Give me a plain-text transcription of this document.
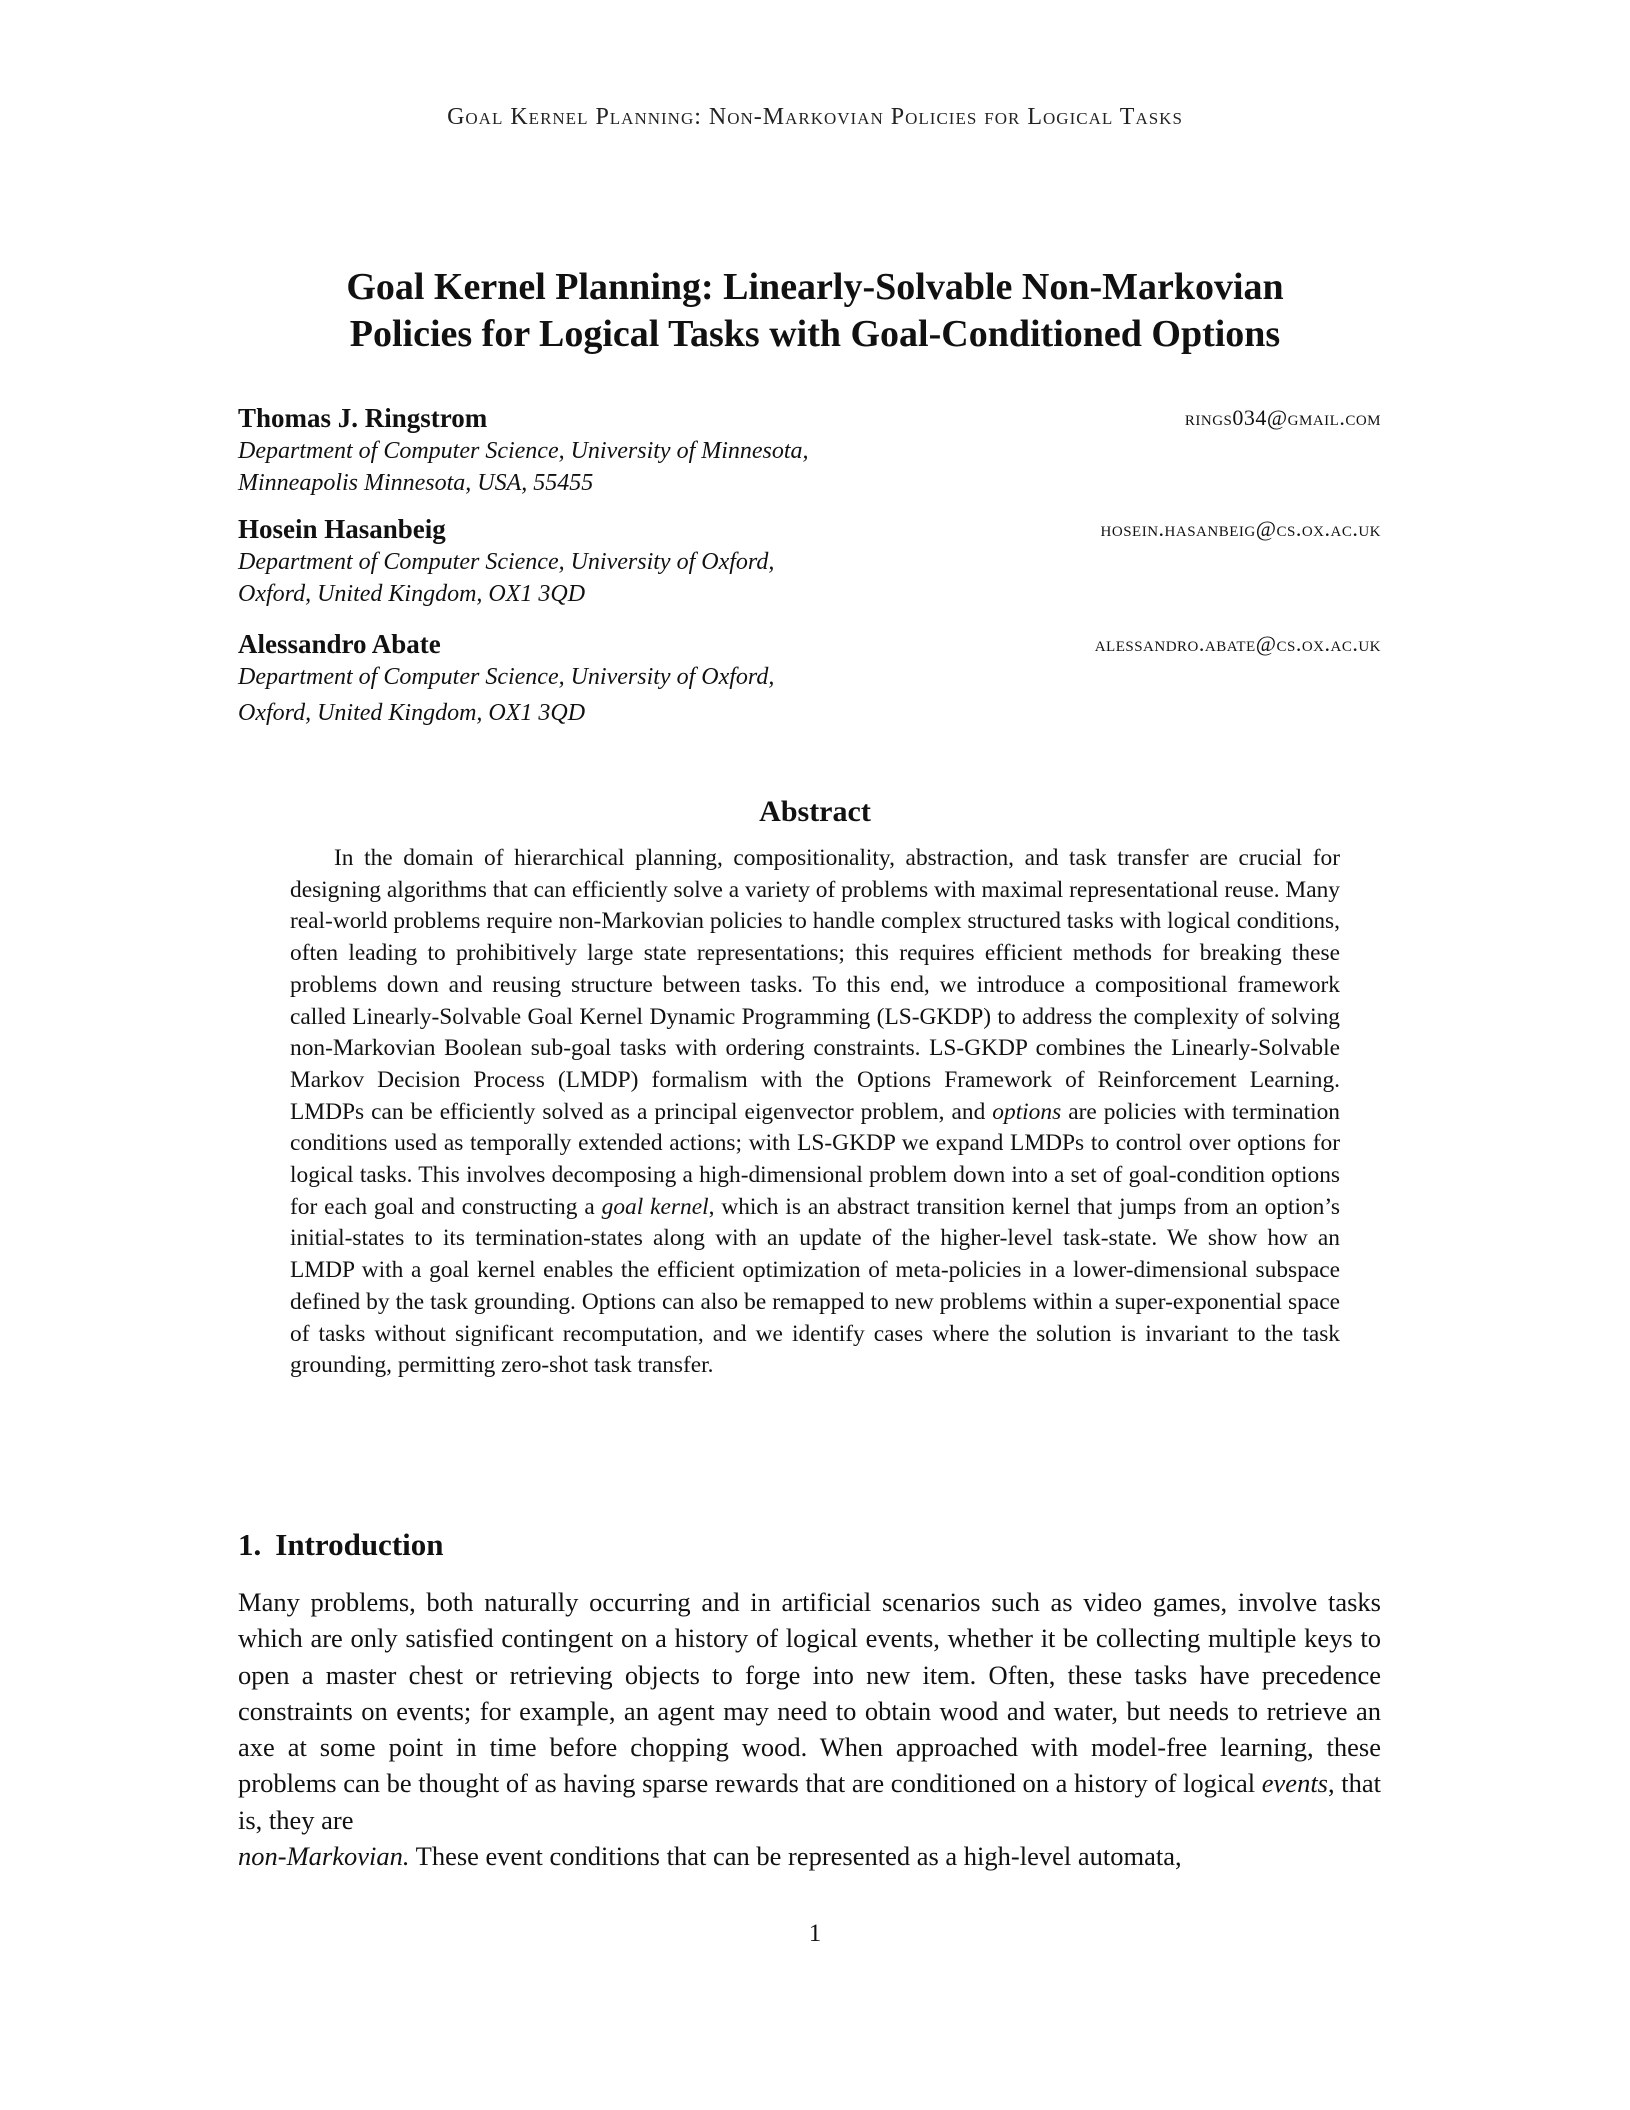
Goal Kernel Planning: Non-Markovian Policies for Logical Tasks
Goal Kernel Planning: Linearly-Solvable Non-Markovian
Policies for Logical Tasks with Goal-Conditioned Options
Thomas J. Ringstrom	rings034@gmail.com
Department of Computer Science, University of Minnesota,
Minneapolis Minnesota, USA, 55455
Hosein Hasanbeig	hosein.hasanbeig@cs.ox.ac.uk
Department of Computer Science, University of Oxford,
Oxford, United Kingdom, OX1 3QD
Alessandro Abate	alessandro.abate@cs.ox.ac.uk
Department of Computer Science, University of Oxford,
Oxford, United Kingdom, OX1 3QD
Abstract

In the domain of hierarchical planning, compositionality, abstraction, and task transfer are crucial for designing algorithms that can efficiently solve a variety of problems with maximal representational reuse. Many real-world problems require non-Markovian policies to handle complex structured tasks with logical conditions, often leading to prohibitively large state representations; this requires efficient methods for breaking these problems down and reusing structure between tasks. To this end, we introduce a compositional framework called Linearly-Solvable Goal Kernel Dynamic Programming (LS-GKDP) to address the complexity of solving non-Markovian Boolean sub-goal tasks with ordering constraints. LS-GKDP combines the Linearly-Solvable Markov Decision Process (LMDP) formalism with the Options Framework of Reinforcement Learning. LMDPs can be efficiently solved as a principal eigenvector problem, and options are policies with termination conditions used as temporally extended actions; with LS-GKDP we expand LMDPs to control over options for logical tasks. This involves decomposing a high-dimensional problem down into a set of goal-condition options for each goal and constructing a goal kernel, which is an abstract transition kernel that jumps from an option’s initial-states to its termination-states along with an update of the higher-level task-state. We show how an LMDP with a goal kernel enables the efficient optimization of meta-policies in a lower-dimensional subspace defined by the task grounding. Options can also be remapped to new problems within a super-exponential space of tasks without significant recomputation, and we identify cases where the solution is invariant to the task grounding, permitting zero-shot task transfer.

1. Introduction

Many problems, both naturally occurring and in artificial scenarios such as video games, involve tasks which are only satisfied contingent on a history of logical events, whether it be collecting multiple keys to open a master chest or retrieving objects to forge into new item. Often, these tasks have precedence constraints on events; for example, an agent may need to obtain wood and water, but needs to retrieve an axe at some point in time before chopping wood. When approached with model-free learning, these problems can be thought of as having sparse rewards that are conditioned on a history of logical events, that is, they are
non-Markovian. These event conditions that can be represented as a high-level automata,

1
